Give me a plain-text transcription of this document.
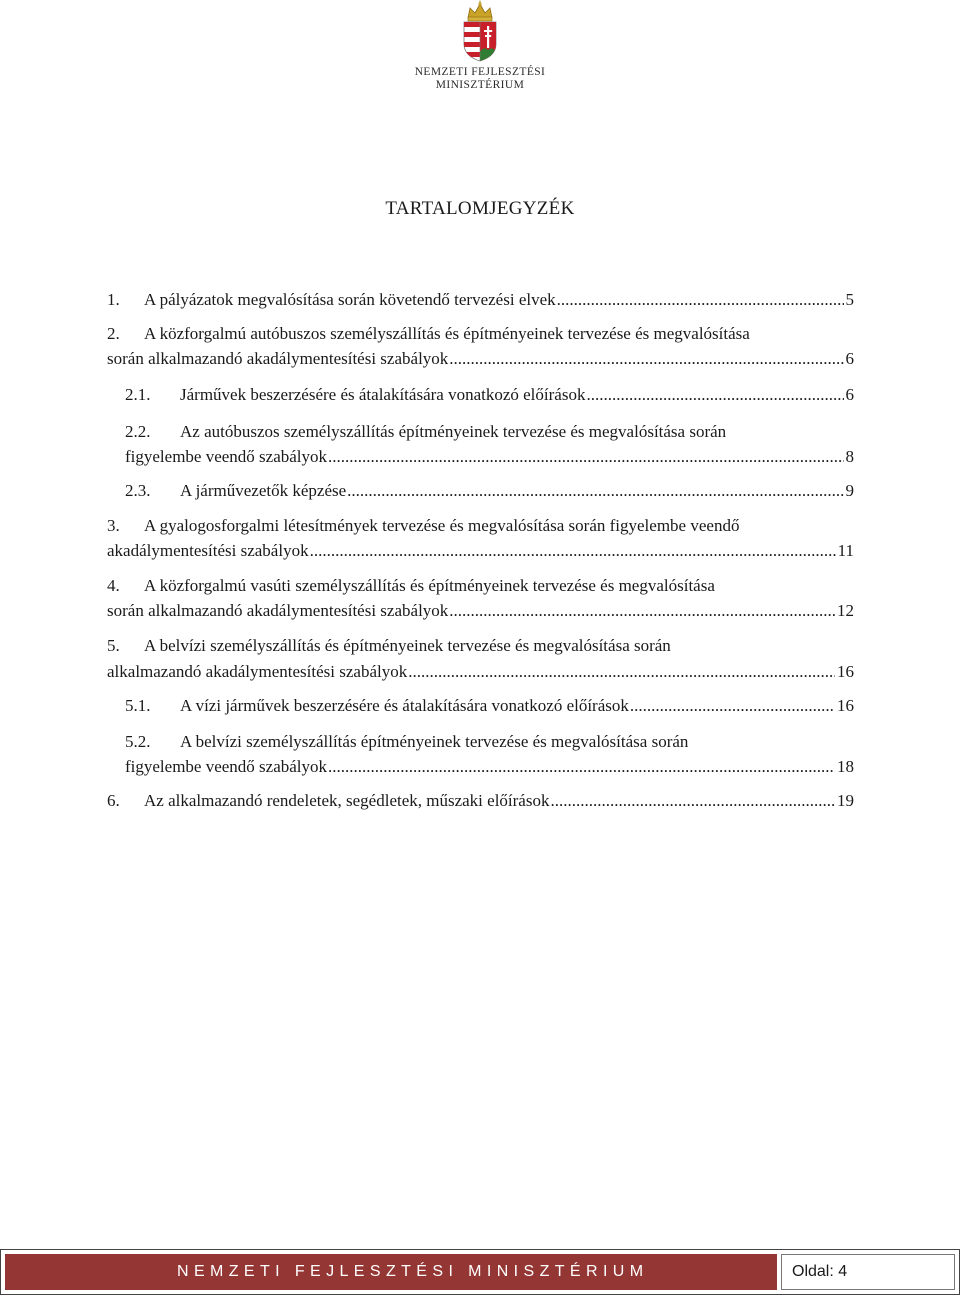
NEMZETI FEJLESZTÉSI
MINISZTÉRIUM
TARTALOMJEGYZÉK
1.	A pályázatok megvalósítása során követendő tervezési elvek .....	5
2.	A közforgalmú autóbuszos személyszállítás és építményeinek tervezése és megvalósítása
során alkalmazandó akadálymentesítési szabályok .....	6
2.1.	Járművek beszerzésére és átalakítására vonatkozó előírások .....	6
2.2.	Az autóbuszos személyszállítás építményeinek tervezése és megvalósítása során
figyelembe veendő szabályok .....	8
2.3.	A járművezetők képzése .....	9
3.	A gyalogosforgalmi létesítmények tervezése és megvalósítása során figyelembe veendő
akadálymentesítési szabályok .....	11
4.	A közforgalmú vasúti személyszállítás és építményeinek tervezése és megvalósítása
során alkalmazandó akadálymentesítési szabályok .....	12
5.	A belvízi személyszállítás és építményeinek tervezése és megvalósítása során
alkalmazandó akadálymentesítési szabályok .....	16
5.1.	A vízi járművek beszerzésére és átalakítására vonatkozó előírások .....	16
5.2.	A belvízi személyszállítás építményeinek tervezése és megvalósítása során
figyelembe veendő szabályok .....	18
6.	Az alkalmazandó rendeletek, segédletek, műszaki előírások .....	19
NEMZETI FEJLESZTÉSI MINISZTÉRIUM	Oldal: 4
